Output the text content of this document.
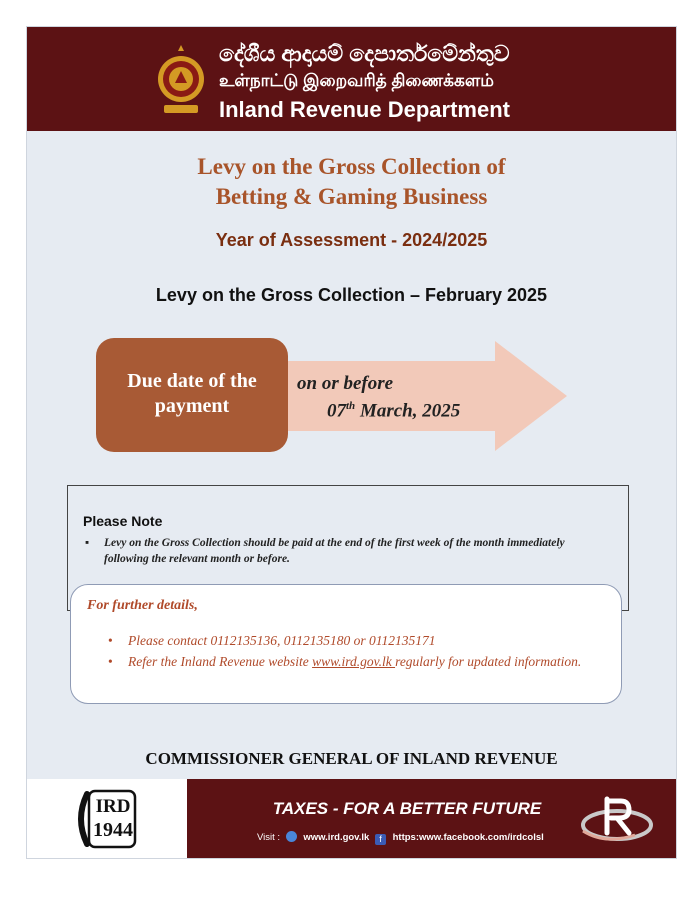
දේශීය ආදායම් දෙපාර්තමේන්තුව
உள்நாட்டு இறைவரித் திணைக்களம்
Inland Revenue Department
Levy on the Gross Collection of
Betting & Gaming Business
Year of Assessment - 2024/2025
Levy on the Gross Collection – February 2025
Due date of the
payment
on or before
07th March, 2025
Please Note
▪	Levy on the Gross Collection should be paid at the end of the first week of the month immediately following the relevant month or before.
For further details,
• Please contact 0112135136, 0112135180 or 0112135171
• Refer the Inland Revenue website www.ird.gov.lk regularly for updated information.
COMMISSIONER GENERAL OF INLAND REVENUE
IRD
1944
TAXES - FOR A BETTER FUTURE
Visit : www.ird.gov.lk f https:www.facebook.com/irdcolsl
